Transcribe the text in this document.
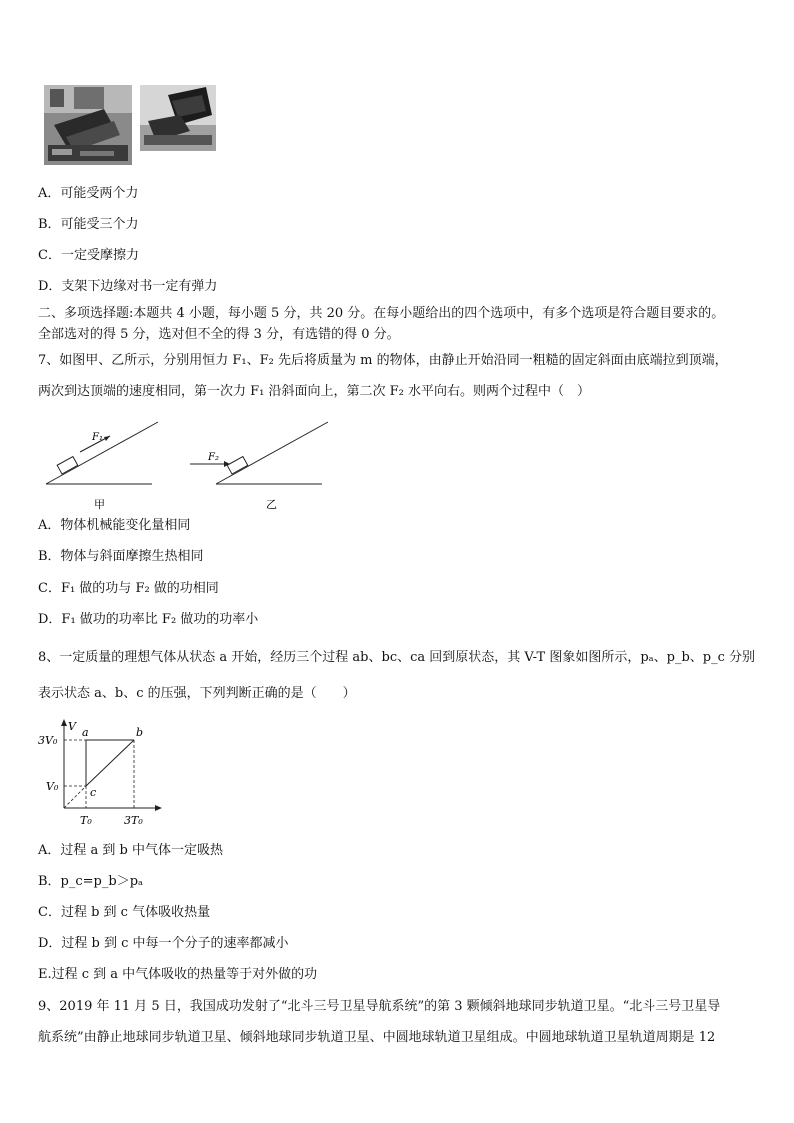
A．可能受两个力
B．可能受三个力
C．一定受摩擦力
D．支架下边缘对书一定有弹力
二、多项选择题:本题共 4 小题，每小题 5 分，共 20 分。在每小题给出的四个选项中，有多个选项是符合题目要求的。
全部选对的得 5 分，选对但不全的得 3 分，有选错的得 0 分。
7、如图甲、乙所示，分别用恒力 F₁、F₂ 先后将质量为 m 的物体，由静止开始沿同一粗糙的固定斜面由底端拉到顶端，
两次到达顶端的速度相同，第一次力 F₁ 沿斜面向上，第二次 F₂ 水平向右。则两个过程中（　）
F₁
甲
F₂
乙
A．物体机械能变化量相同
B．物体与斜面摩擦生热相同
C．F₁ 做的功与 F₂ 做的功相同
D．F₁ 做功的功率比 F₂ 做功的功率小
8、一定质量的理想气体从状态 a 开始，经历三个过程 ab、bc、ca 回到原状态，其 V-T 图象如图所示，pₐ、p_b、p_c 分别
表示状态 a、b、c 的压强，下列判断正确的是（　　）
V
3V₀
V₀
T₀	3T₀
a	b
c
A．过程 a 到 b 中气体一定吸热
B．p_c=p_b＞pₐ
C．过程 b 到 c 气体吸收热量
D．过程 b 到 c 中每一个分子的速率都减小
E.过程 c 到 a 中气体吸收的热量等于对外做的功
9、2019 年 11 月 5 日，我国成功发射了“北斗三号卫星导航系统”的第 3 颗倾斜地球同步轨道卫星。“北斗三号卫星导
航系统”由静止地球同步轨道卫星、倾斜地球同步轨道卫星、中圆地球轨道卫星组成。中圆地球轨道卫星轨道周期是 12
